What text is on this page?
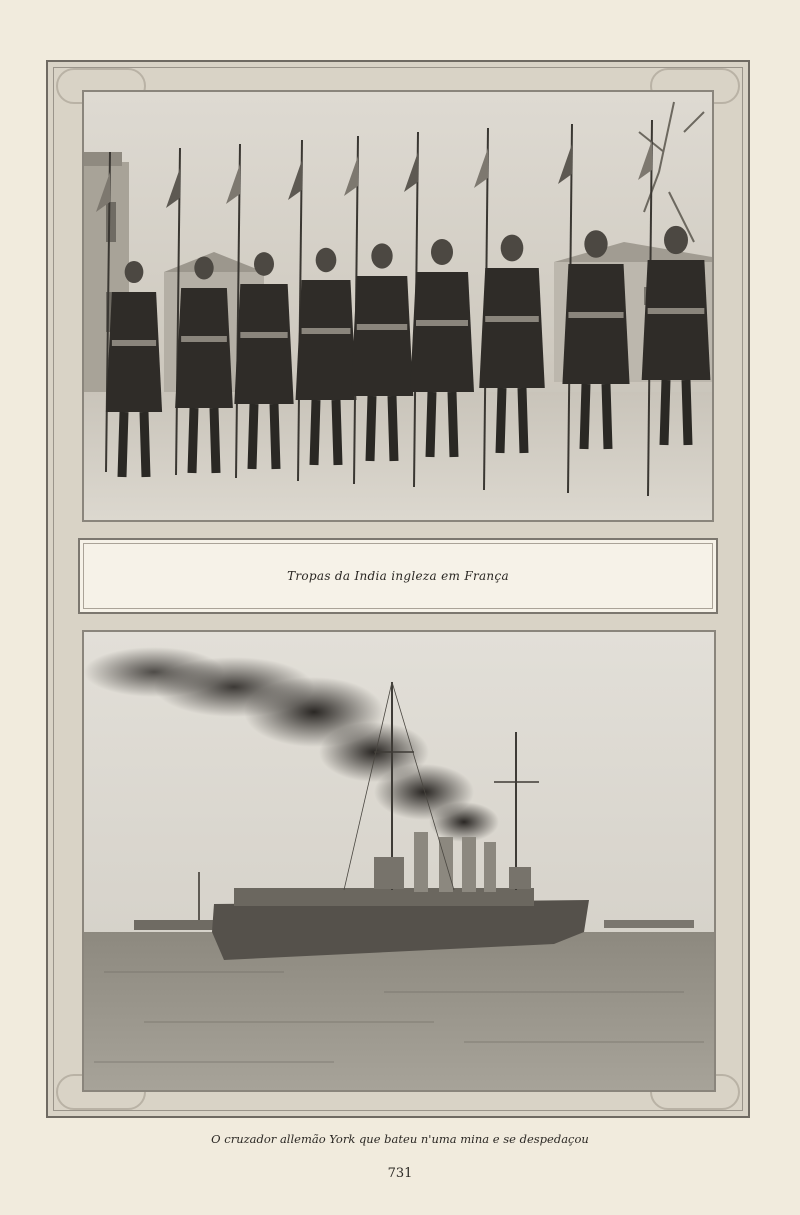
Tropas da India ingleza em França
O cruzador allemão York que bateu n'uma mina e se despedaçou
731
